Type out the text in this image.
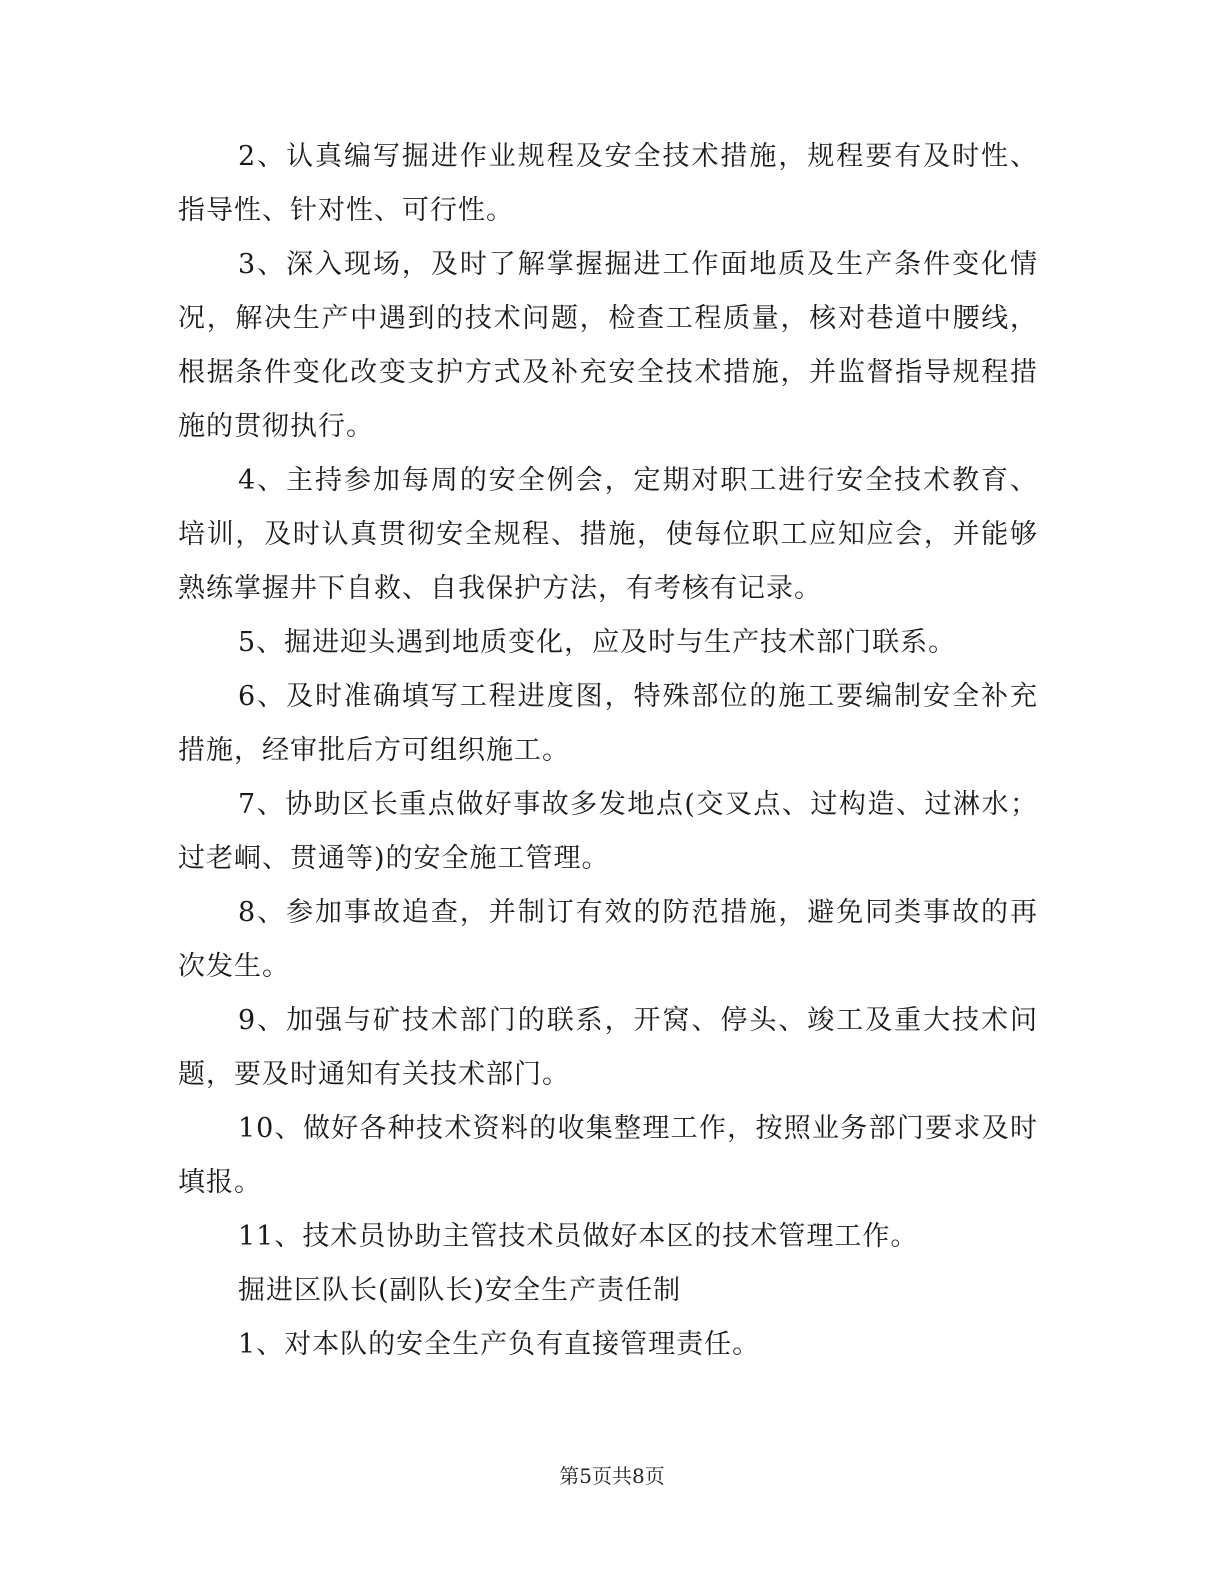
2、认真编写掘进作业规程及安全技术措施，规程要有及时性、指导性、针对性、可行性。

3、深入现场，及时了解掌握掘进工作面地质及生产条件变化情况，解决生产中遇到的技术问题，检查工程质量，核对巷道中腰线，根据条件变化改变支护方式及补充安全技术措施，并监督指导规程措施的贯彻执行。

4、主持参加每周的安全例会，定期对职工进行安全技术教育、培训，及时认真贯彻安全规程、措施，使每位职工应知应会，并能够熟练掌握井下自救、自我保护方法，有考核有记录。

5、掘进迎头遇到地质变化，应及时与生产技术部门联系。

6、及时准确填写工程进度图，特殊部位的施工要编制安全补充措施，经审批后方可组织施工。

7、协助区长重点做好事故多发地点(交叉点、过构造、过淋水；过老峒、贯通等)的安全施工管理。

8、参加事故追查，并制订有效的防范措施，避免同类事故的再次发生。

9、加强与矿技术部门的联系，开窝、停头、竣工及重大技术问题，要及时通知有关技术部门。

10、做好各种技术资料的收集整理工作，按照业务部门要求及时填报。

11、技术员协助主管技术员做好本区的技术管理工作。

掘进区队长(副队长)安全生产责任制

1、对本队的安全生产负有直接管理责任。

第5页共8页
